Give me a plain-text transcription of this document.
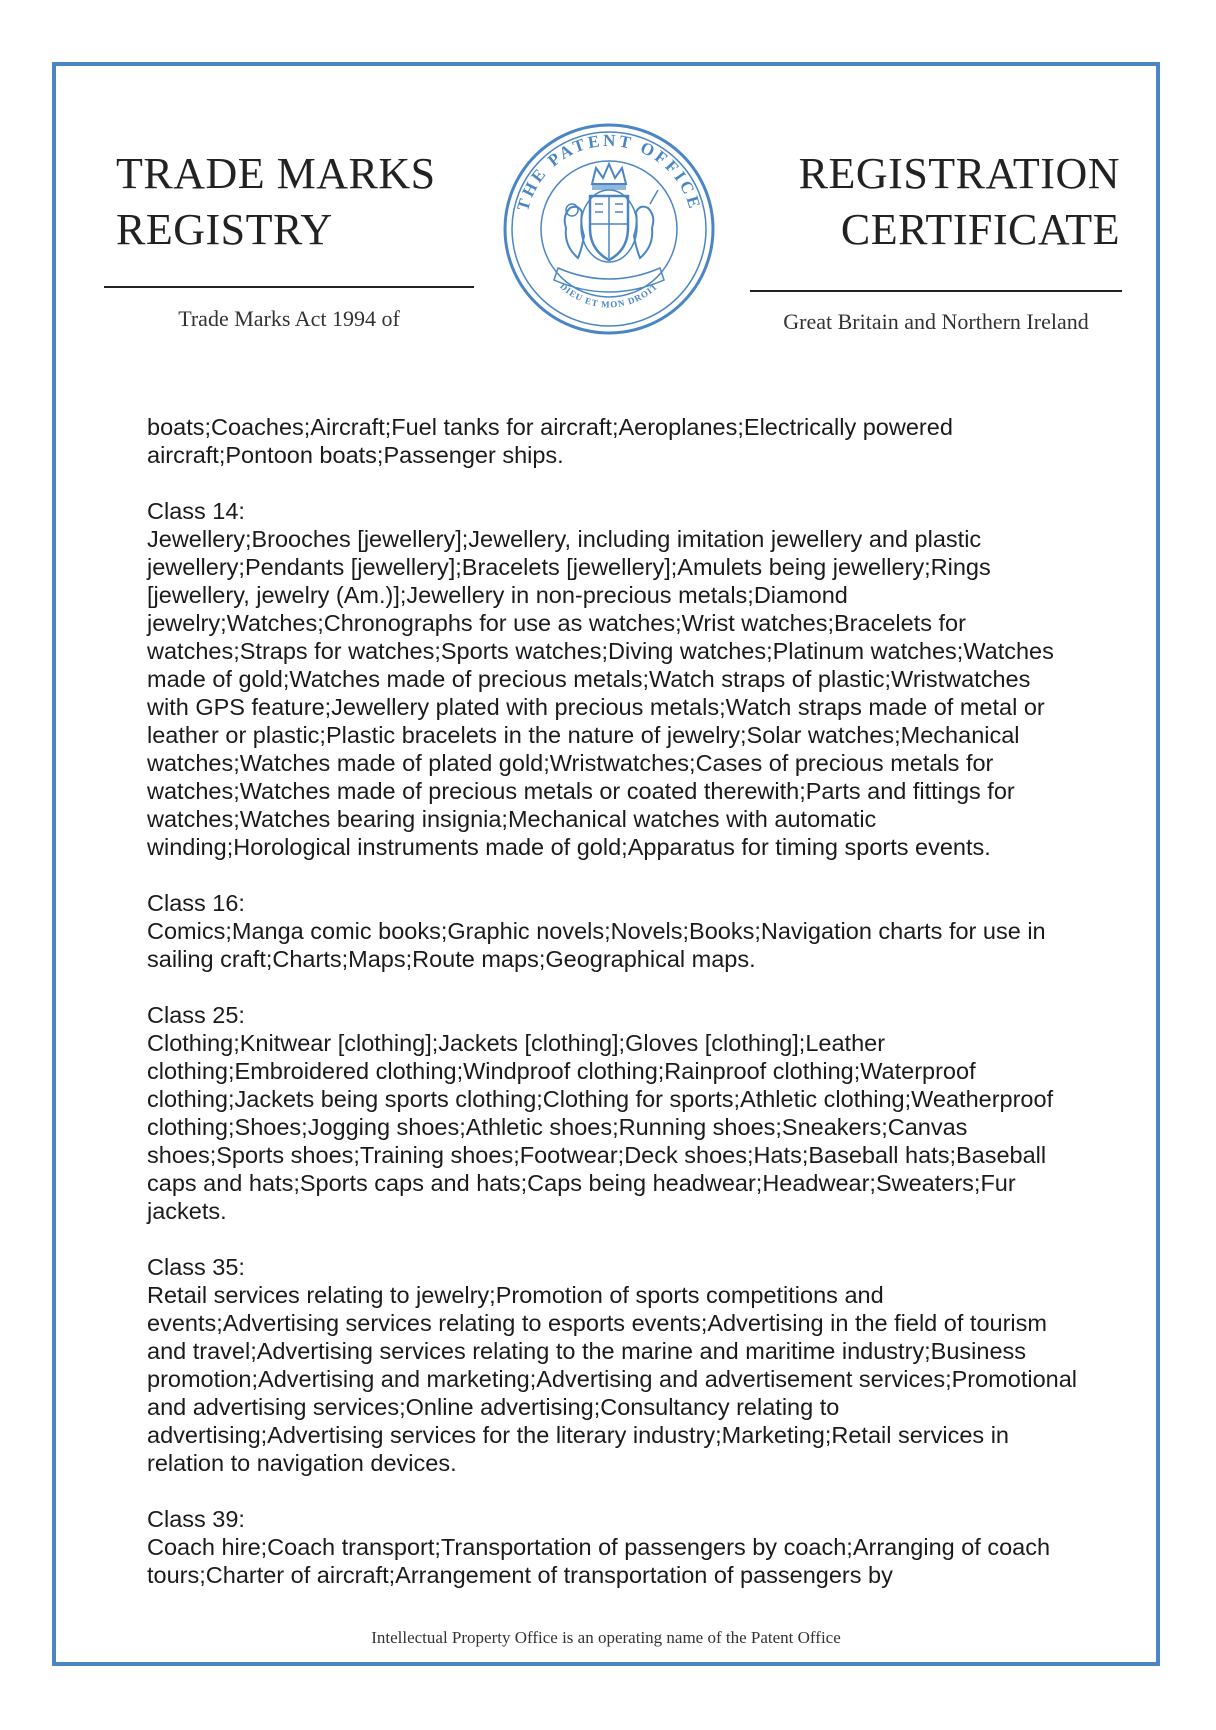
TRADE MARKS
REGISTRY
Trade Marks Act 1994 of
THE PATENT OFFICE
DIEU ET MON DROIT
REGISTRATION
CERTIFICATE
Great Britain and Northern Ireland

boats;Coaches;Aircraft;Fuel tanks for aircraft;Aeroplanes;Electrically powered aircraft;Pontoon boats;Passenger ships.

Class 14:
Jewellery;Brooches [jewellery];Jewellery, including imitation jewellery and plastic jewellery;Pendants [jewellery];Bracelets [jewellery];Amulets being jewellery;Rings [jewellery, jewelry (Am.)];Jewellery in non-precious metals;Diamond jewelry;Watches;Chronographs for use as watches;Wrist watches;Bracelets for watches;Straps for watches;Sports watches;Diving watches;Platinum watches;Watches made of gold;Watches made of precious metals;Watch straps of plastic;Wristwatches with GPS feature;Jewellery plated with precious metals;Watch straps made of metal or leather or plastic;Plastic bracelets in the nature of jewelry;Solar watches;Mechanical watches;Watches made of plated gold;Wristwatches;Cases of precious metals for watches;Watches made of precious metals or coated therewith;Parts and fittings for watches;Watches bearing insignia;Mechanical watches with automatic winding;Horological instruments made of gold;Apparatus for timing sports events.
Class 16:
Comics;Manga comic books;Graphic novels;Novels;Books;Navigation charts for use in sailing craft;Charts;Maps;Route maps;Geographical maps.
Class 25:
Clothing;Knitwear [clothing];Jackets [clothing];Gloves [clothing];Leather clothing;Embroidered clothing;Windproof clothing;Rainproof clothing;Waterproof clothing;Jackets being sports clothing;Clothing for sports;Athletic clothing;Weatherproof clothing;Shoes;Jogging shoes;Athletic shoes;Running shoes;Sneakers;Canvas shoes;Sports shoes;Training shoes;Footwear;Deck shoes;Hats;Baseball hats;Baseball caps and hats;Sports caps and hats;Caps being headwear;Headwear;Sweaters;Fur jackets.
Class 35:
Retail services relating to jewelry;Promotion of sports competitions and events;Advertising services relating to esports events;Advertising in the field of tourism and travel;Advertising services relating to the marine and maritime industry;Business promotion;Advertising and marketing;Advertising and advertisement services;Promotional and advertising services;Online advertising;Consultancy relating to advertising;Advertising services for the literary industry;Marketing;Retail services in relation to navigation devices.
Class 39:
Coach hire;Coach transport;Transportation of passengers by coach;Arranging of coach tours;Charter of aircraft;Arrangement of transportation of passengers by
Intellectual Property Office is an operating name of the Patent Office
